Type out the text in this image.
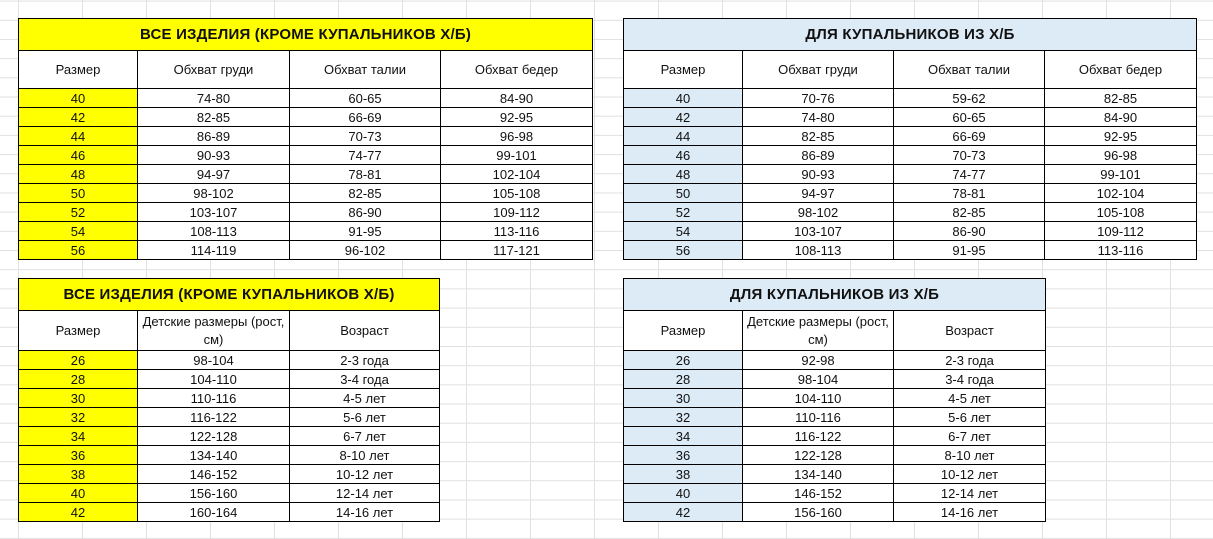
ВСЕ ИЗДЕЛИЯ (КРОМЕ КУПАЛЬНИКОВ Х/Б)			
Размер	Обхват груди	Обхват талии	Обхват бедер
40	74-80	60-65	84-90
42	82-85	66-69	92-95
44	86-89	70-73	96-98
46	90-93	74-77	99-101
48	94-97	78-81	102-104
50	98-102	82-85	105-108
52	103-107	86-90	109-112
54	108-113	91-95	113-116
56	114-119	96-102	117-121
ДЛЯ КУПАЛЬНИКОВ ИЗ Х/Б			
Размер	Обхват груди	Обхват талии	Обхват бедер
40	70-76	59-62	82-85
42	74-80	60-65	84-90
44	82-85	66-69	92-95
46	86-89	70-73	96-98
48	90-93	74-77	99-101
50	94-97	78-81	102-104
52	98-102	82-85	105-108
54	103-107	86-90	109-112
56	108-113	91-95	113-116
ВСЕ ИЗДЕЛИЯ (КРОМЕ КУПАЛЬНИКОВ Х/Б)		
Размер	Детские размеры (рост, см)	Возраст
26	98-104	2-3 года
28	104-110	3-4 года
30	110-116	4-5 лет
32	116-122	5-6 лет
34	122-128	6-7 лет
36	134-140	8-10 лет
38	146-152	10-12 лет
40	156-160	12-14 лет
42	160-164	14-16 лет
ДЛЯ КУПАЛЬНИКОВ ИЗ Х/Б		
Размер	Детские размеры (рост, см)	Возраст
26	92-98	2-3 года
28	98-104	3-4 года
30	104-110	4-5 лет
32	110-116	5-6 лет
34	116-122	6-7 лет
36	122-128	8-10 лет
38	134-140	10-12 лет
40	146-152	12-14 лет
42	156-160	14-16 лет
